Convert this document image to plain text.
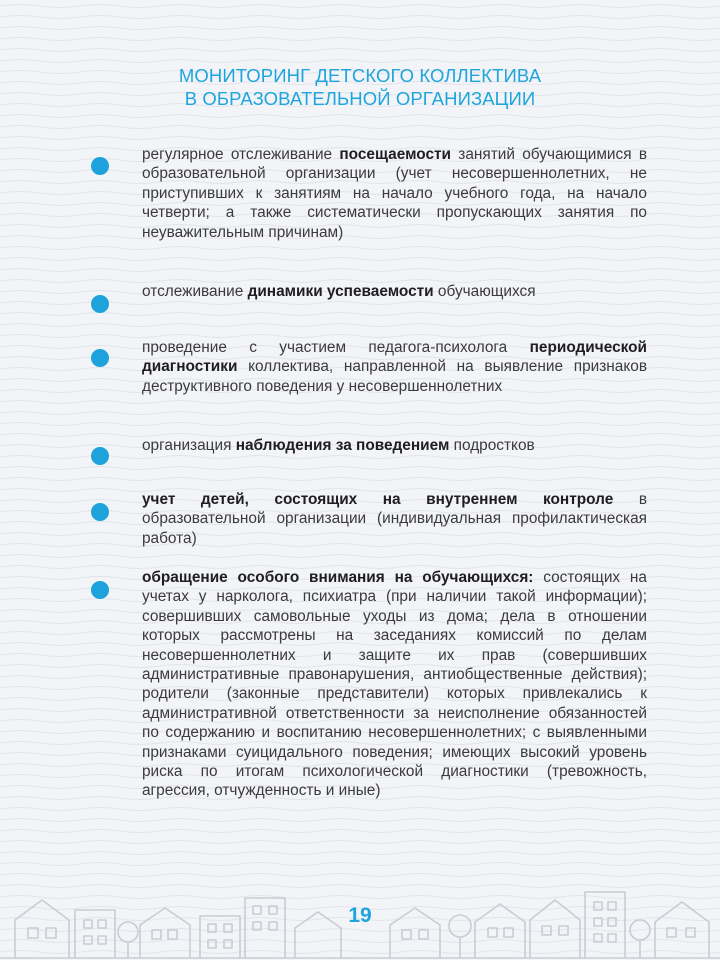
МОНИТОРИНГ ДЕТСКОГО КОЛЛЕКТИВА
В ОБРАЗОВАТЕЛЬНОЙ ОРГАНИЗАЦИИ
регулярное отслеживание посещаемости занятий обучающимися в образовательной организации (учет несовершеннолетних, не приступивших к занятиям на начало учебного года, на начало четверти; а также систематически пропускающих занятия по неуважительным причинам)
отслеживание динамики успеваемости обучающихся
проведение с участием педагога-психолога периодической диагностики коллектива, направленной на выявление признаков деструктивного поведения у несовершеннолетних
организация наблюдения за поведением подростков
учет детей, состоящих на внутреннем контроле в образовательной организации (индивидуальная профилактическая работа)
обращение особого внимания на обучающихся: состоящих на учетах у нарколога, психиатра (при наличии такой информации); совершивших самовольные уходы из дома; дела в отношении которых рассмотрены на заседаниях комиссий по делам несовершеннолетних и защите их прав (совершивших административные правонарушения, антиобщественные действия); родители (законные представители) которых привлекались к административной ответственности за неисполнение обязанностей по содержанию и воспитанию несовершеннолетних; с выявленными признаками суицидального поведения; имеющих высокий уровень риска по итогам психологической диагностики (тревожность, агрессия, отчужденность и иные)
19
